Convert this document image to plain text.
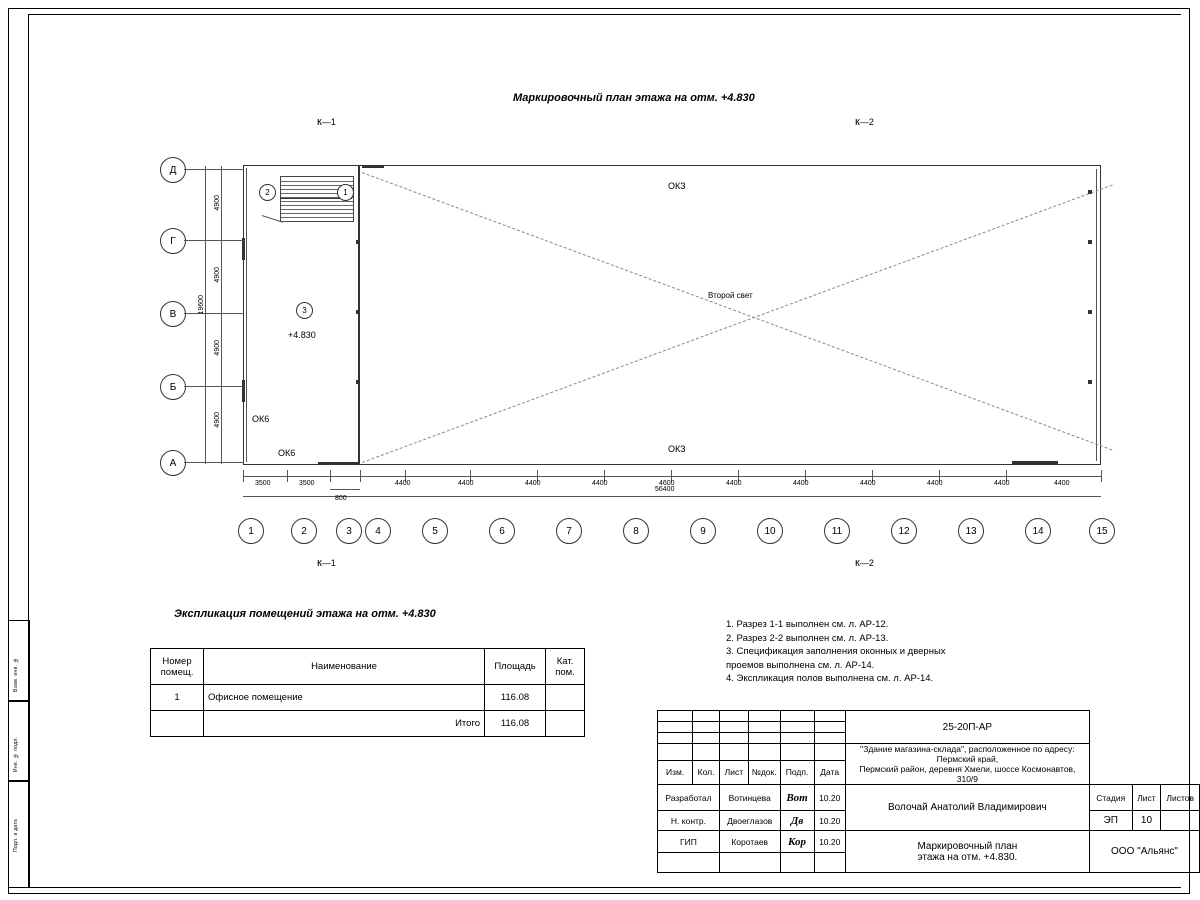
Взам. инв. №
Инв. № подл.
Подп. и дата
Маркировочный план этажа на отм. +4.830
Экспликация помещений этажа на отм. +4.830
2	1
3
+4.830
Второй свет
ОКЗ
ОКЗ
ОК6
ОК6
Д
Г
В
Б
А
4900
4900
4900
4900
19600
56400
800
3500	3500	4400	4400	4400	4400	4600	4400	4400	4400	4400	4400	4400
1	2	3	4	5	6	7	8	9	10	11	12	13	14	15
к—1	к—2
к—1	к—2
Номер помещ.	Наименование	Площадь	Кат. пом.
1	Офисное помещение	116.08	
	Итого	116.08	
1. Разрез 1-1 выполнен см. л. АР-12.
2. Разрез 2-2 выполнен см. л. АР-13.
3. Спецификация заполнения оконных и дверных
проемов выполнена см. л. АР-14.
4. Экспликация полов выполнена см. л. АР-14.
						25-20П-АР			

						"Здание магазина-склада", расположенное по адресу: Пермский край,
Пермский район, деревня Хмели, шоссе Космонавтов, 310/9			

Изм.	Кол.	Лист	№док.	Подп.	Дата				
Разработал		Вотинцева		Вот	10.20	Волочай Анатолий Владимирович	Стадия	Лист	Листов
Н. контр.		Двоеглазов		Дв	10.20		ЭП	10	
ГИП		Коротаев		Кор	10.20	Маркировочный план
этажа на отм. +4.830.	ООО "Альянс"		
